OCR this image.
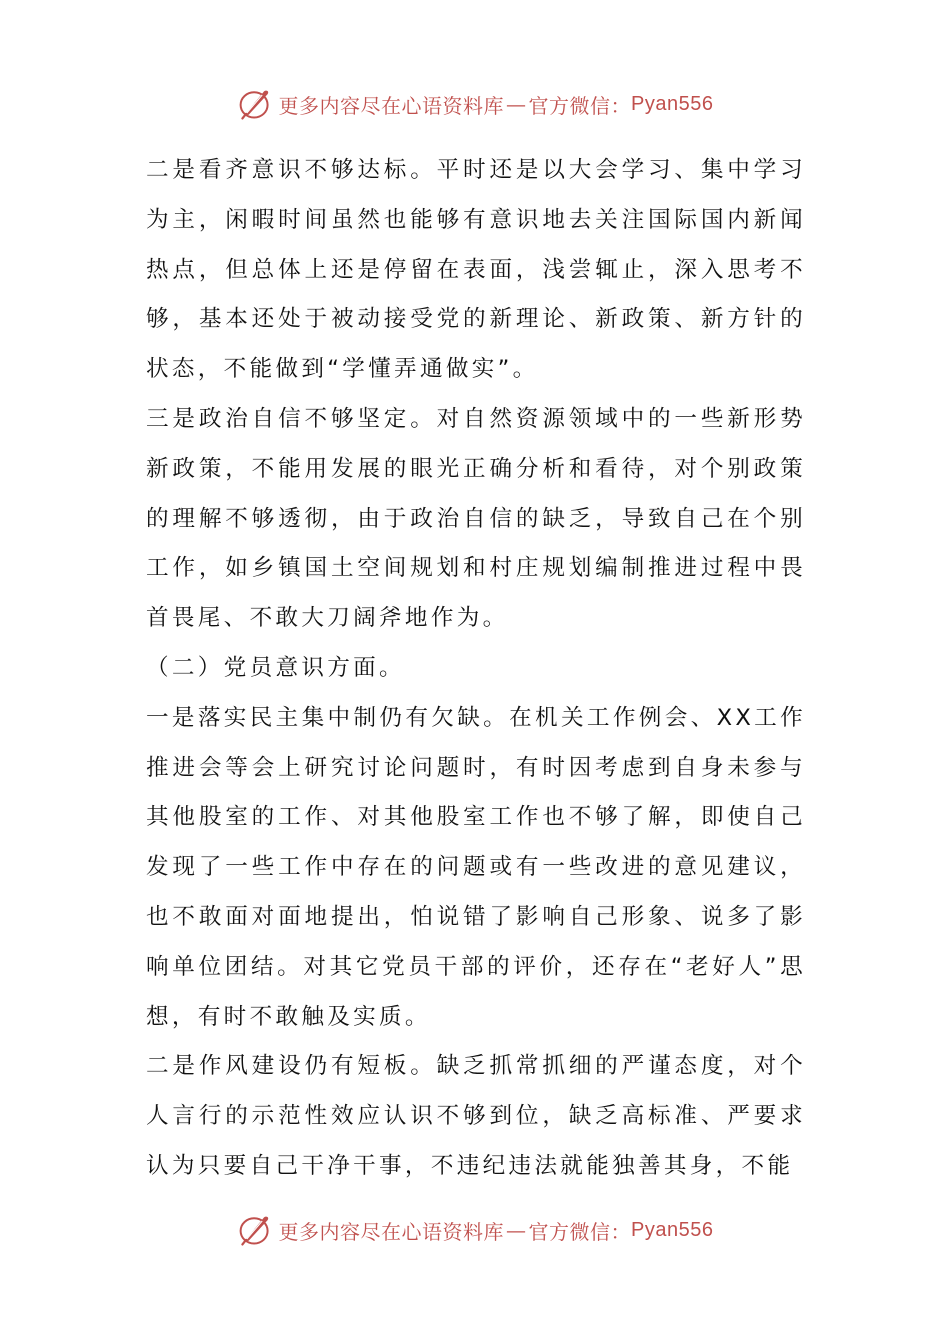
更多内容尽在心语资料库 — 官方微信： Pyan556

二是看齐意识不够达标。平时还是以大会学习、集中学习为主，闲暇时间虽然也能够有意识地去关注国际国内新闻热点，但总体上还是停留在表面，浅尝辄止，深入思考不够，基本还处于被动接受党的新理论、新政策、新方针的状态，不能做到“学懂弄通做实”。

三是政治自信不够坚定。对自然资源领域中的一些新形势新政策，不能用发展的眼光正确分析和看待，对个别政策的理解不够透彻，由于政治自信的缺乏，导致自己在个别工作，如乡镇国土空间规划和村庄规划编制推进过程中畏首畏尾、不敢大刀阔斧地作为。

（二）党员意识方面。

一是落实民主集中制仍有欠缺。在机关工作例会、XX工作推进会等会上研究讨论问题时，有时因考虑到自身未参与其他股室的工作、对其他股室工作也不够了解，即使自己发现了一些工作中存在的问题或有一些改进的意见建议，也不敢面对面地提出，怕说错了影响自己形象、说多了影响单位团结。对其它党员干部的评价，还存在“老好人”思想，有时不敢触及实质。

二是作风建设仍有短板。缺乏抓常抓细的严谨态度，对个人言行的示范性效应认识不够到位，缺乏高标准、严要求认为只要自己干净干事，不违纪违法就能独善其身，不能

更多内容尽在心语资料库 — 官方微信： Pyan556
